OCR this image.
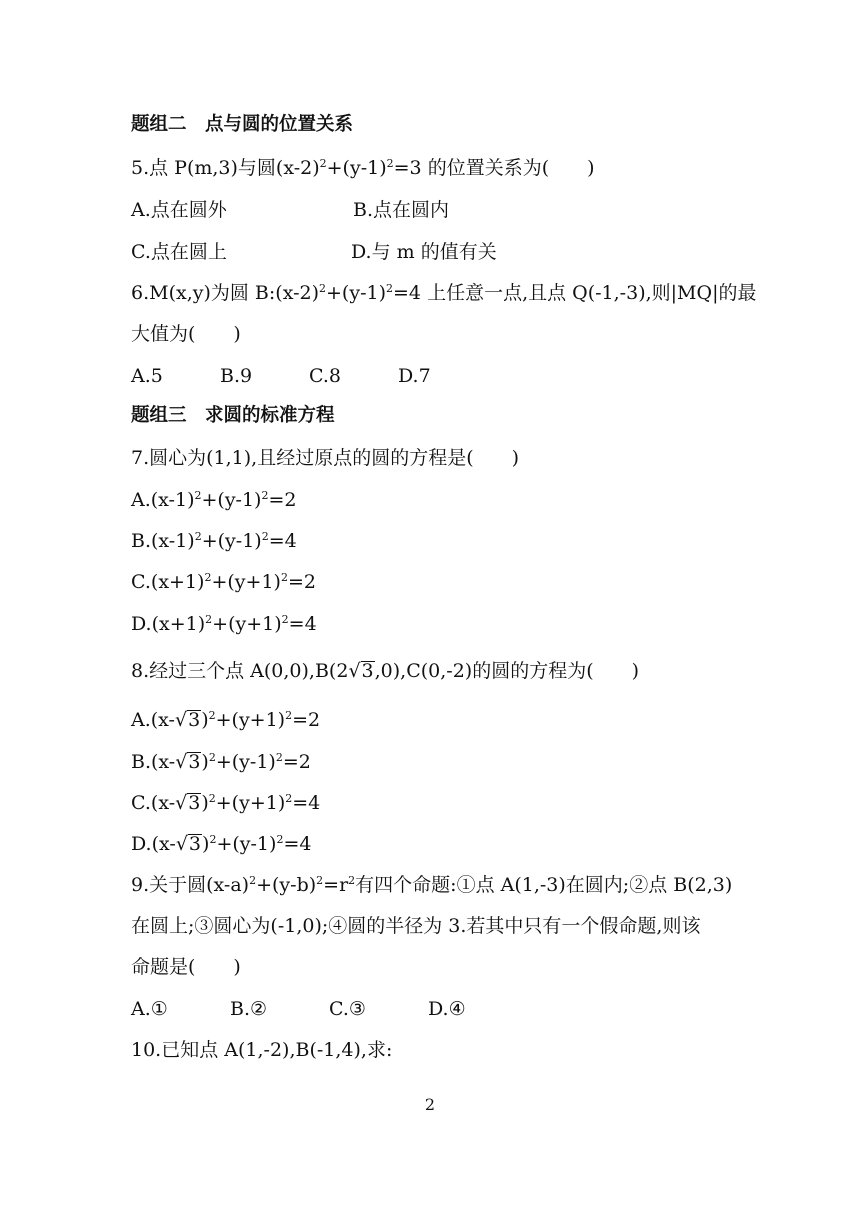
题组二　点与圆的位置关系
5.点 P(m,3)与圆$(x-2)^2+(y-1)^2=3$ 的位置关系为(　　)
A.点在圆外	B.点在圆内
C.点在圆上	D.与 m 的值有关
6.M(x,y)为圆 $B:(x-2)^2+(y-1)^2=4$ 上任意一点,且点 Q(-1,-3),则|MQ|的最
大值为(　　)
A.5	B.9	C.8	D.7
题组三　求圆的标准方程
7.圆心为(1,1),且经过原点的圆的方程是(　　)
$A.(x-1)^2+(y-1)^2=2$
$B.(x-1)^2+(y-1)^2=4$
$C.(x+1)^2+(y+1)^2=2$
$D.(x+1)^2+(y+1)^2=4$
8.经过三个点 A(0,0),B(2√3,0),C(0,-2)的圆的方程为(　　)
$A.(x-√3)^2+(y+1)^2=2$
$B.(x-√3)^2+(y-1)^2=2$
$C.(x-√3)^2+(y+1)^2=4$
$D.(x-√3)^2+(y-1)^2=4$
9.关于圆$(x-a)^2+(y-b)^2=r^2$有四个命题:①点 A(1,-3)在圆内;②点 B(2,3)
在圆上;③圆心为(-1,0);④圆的半径为 3.若其中只有一个假命题,则该
命题是(　　)
A.①	B.②	C.③	D.④
10.已知点 A(1,-2),B(-1,4),求:
2
